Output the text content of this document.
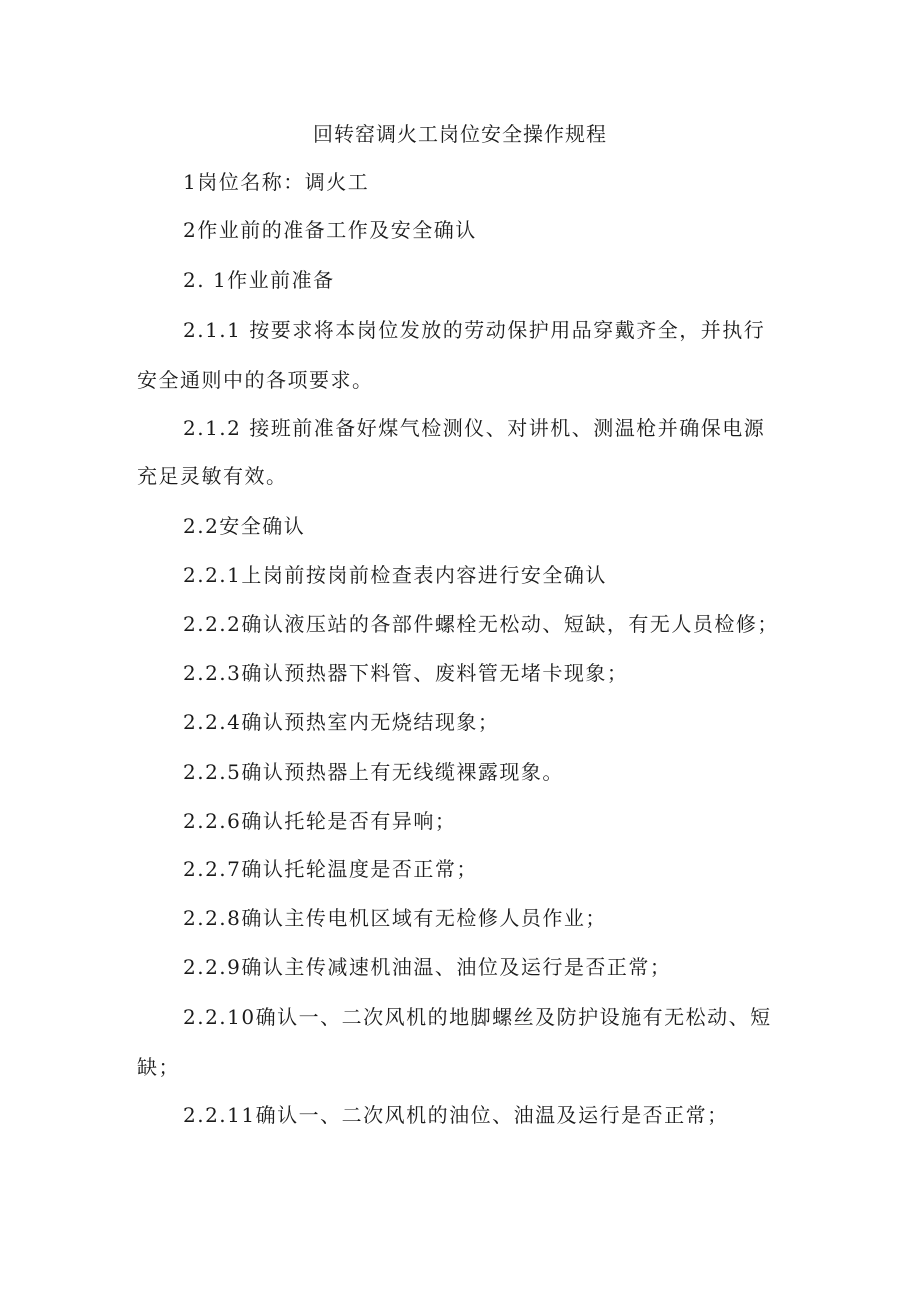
回转窑调火工岗位安全操作规程
1岗位名称：调火工
2作业前的准备工作及安全确认
2. 1作业前准备
2.1.1 按要求将本岗位发放的劳动保护用品穿戴齐全，并执行
安全通则中的各项要求。
2.1.2 接班前准备好煤气检测仪、对讲机、测温枪并确保电源
充足灵敏有效。
2.2安全确认
2.2.1上岗前按岗前检查表内容进行安全确认
2.2.2确认液压站的各部件螺栓无松动、短缺，有无人员检修；
2.2.3确认预热器下料管、废料管无堵卡现象；
2.2.4确认预热室内无烧结现象；
2.2.5确认预热器上有无线缆裸露现象。
2.2.6确认托轮是否有异响；
2.2.7确认托轮温度是否正常；
2.2.8确认主传电机区域有无检修人员作业；
2.2.9确认主传减速机油温、油位及运行是否正常；
2.2.10确认一、二次风机的地脚螺丝及防护设施有无松动、短
缺；
2.2.11确认一、二次风机的油位、油温及运行是否正常；
